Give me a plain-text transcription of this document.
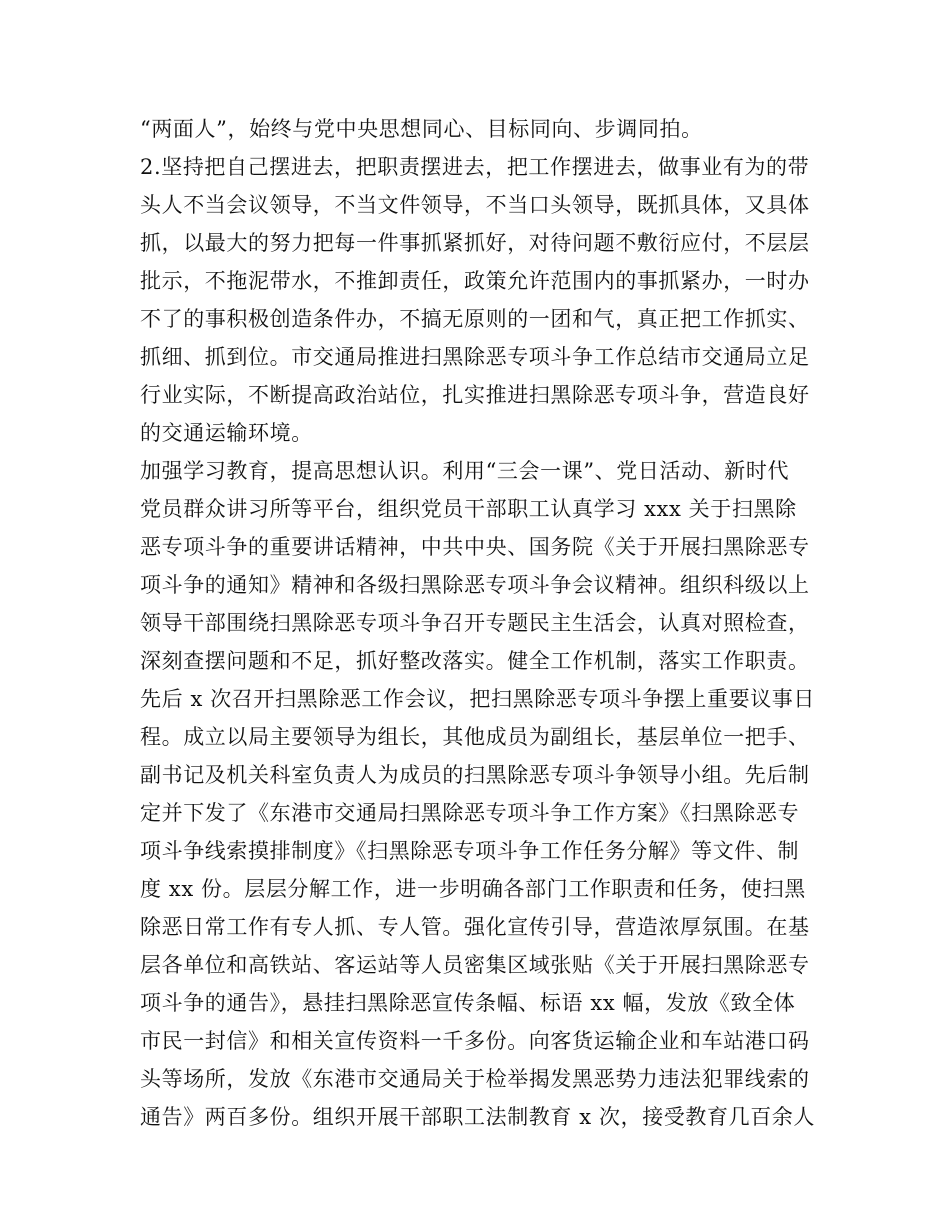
“两面人”，始终与党中央思想同心、目标同向、步调同拍。
2.坚持把自己摆进去，把职责摆进去，把工作摆进去，做事业有为的带
头人不当会议领导，不当文件领导，不当口头领导，既抓具体，又具体
抓，以最大的努力把每一件事抓紧抓好，对待问题不敷衍应付，不层层
批示，不拖泥带水，不推卸责任，政策允许范围内的事抓紧办，一时办
不了的事积极创造条件办，不搞无原则的一团和气，真正把工作抓实、
抓细、抓到位。市交通局推进扫黑除恶专项斗争工作总结市交通局立足
行业实际，不断提高政治站位，扎实推进扫黑除恶专项斗争，营造良好
的交通运输环境。
加强学习教育，提高思想认识。利用“三会一课”、党日活动、新时代
党员群众讲习所等平台，组织党员干部职工认真学习 xxx 关于扫黑除
恶专项斗争的重要讲话精神，中共中央、国务院《关于开展扫黑除恶专
项斗争的通知》精神和各级扫黑除恶专项斗争会议精神。组织科级以上
领导干部围绕扫黑除恶专项斗争召开专题民主生活会，认真对照检查，
深刻查摆问题和不足，抓好整改落实。健全工作机制，落实工作职责。
先后 x 次召开扫黑除恶工作会议，把扫黑除恶专项斗争摆上重要议事日
程。成立以局主要领导为组长，其他成员为副组长，基层单位一把手、
副书记及机关科室负责人为成员的扫黑除恶专项斗争领导小组。先后制
定并下发了《东港市交通局扫黑除恶专项斗争工作方案》《扫黑除恶专
项斗争线索摸排制度》《扫黑除恶专项斗争工作任务分解》等文件、制
度 xx 份。层层分解工作，进一步明确各部门工作职责和任务，使扫黑
除恶日常工作有专人抓、专人管。强化宣传引导，营造浓厚氛围。在基
层各单位和高铁站、客运站等人员密集区域张贴《关于开展扫黑除恶专
项斗争的通告》，悬挂扫黑除恶宣传条幅、标语 xx 幅，发放《致全体
市民一封信》和相关宣传资料一千多份。向客货运输企业和车站港口码
头等场所，发放《东港市交通局关于检举揭发黑恶势力违法犯罪线索的
通告》两百多份。组织开展干部职工法制教育 x 次，接受教育几百余人
